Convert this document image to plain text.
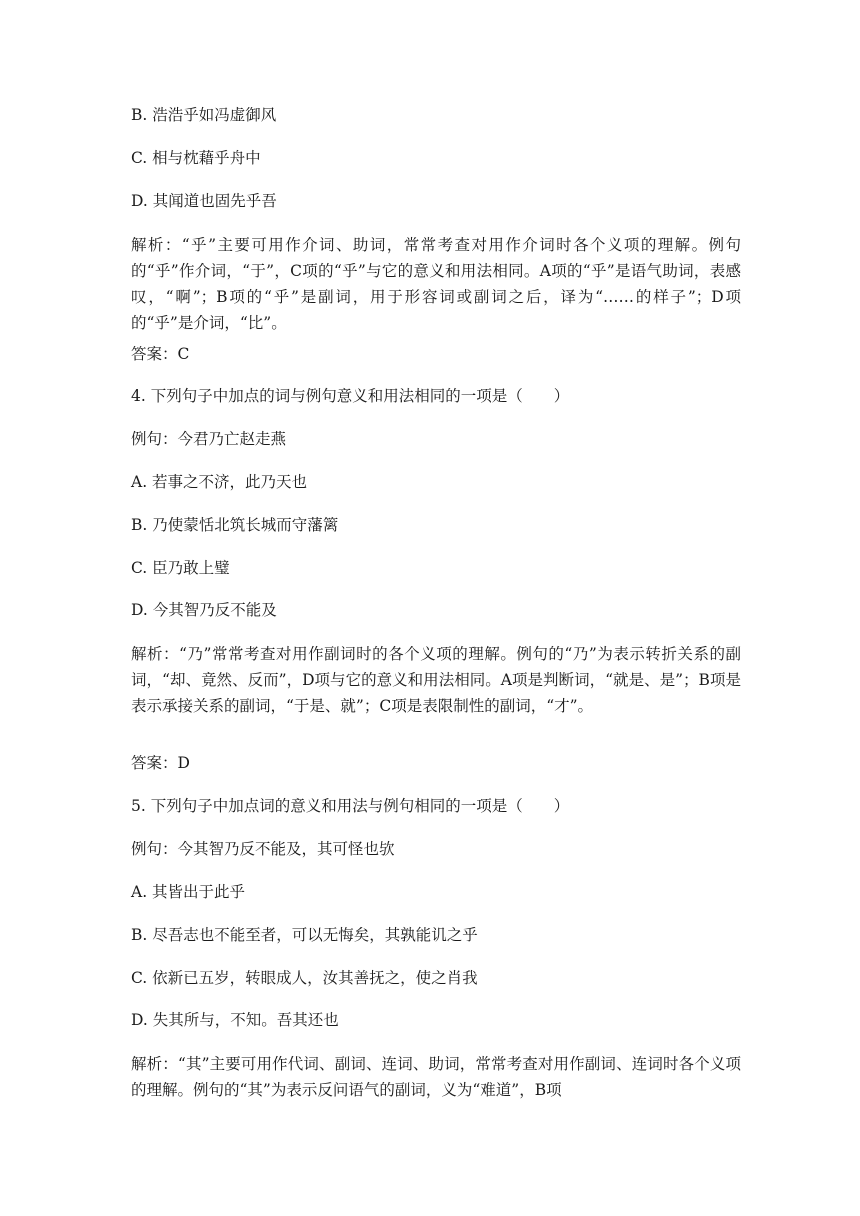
B. 浩浩乎如冯虚御风
C. 相与枕藉乎舟中
D. 其闻道也固先乎吾
解析：“乎”主要可用作介词、助词，常常考查对用作介词时各个义项的理解。例句的“乎”作介词，“于”，C项的“乎”与它的意义和用法相同。A项的“乎”是语气助词，表感叹，“啊”；B项的“乎”是副词，用于形容词或副词之后，译为“……的样子”；D项的“乎”是介词，“比”。
答案：C
4. 下列句子中加点的词与例句意义和用法相同的一项是（　　）
例句：今君乃亡赵走燕
A. 若事之不济，此乃天也
B. 乃使蒙恬北筑长城而守藩篱
C. 臣乃敢上璧
D. 今其智乃反不能及
解析：“乃”常常考查对用作副词时的各个义项的理解。例句的“乃”为表示转折关系的副词，“却、竟然、反而”，D项与它的意义和用法相同。A项是判断词，“就是、是”；B项是表示承接关系的副词，“于是、就”；C项是表限制性的副词，“才”。
答案：D
5. 下列句子中加点词的意义和用法与例句相同的一项是（　　）
例句：今其智乃反不能及，其可怪也欤
A. 其皆出于此乎
B. 尽吾志也不能至者，可以无悔矣，其孰能讥之乎
C. 依新已五岁，转眼成人，汝其善抚之，使之肖我
D. 失其所与，不知。吾其还也
解析：“其”主要可用作代词、副词、连词、助词，常常考查对用作副词、连词时各个义项的理解。例句的“其”为表示反问语气的副词，义为“难道”，B项
